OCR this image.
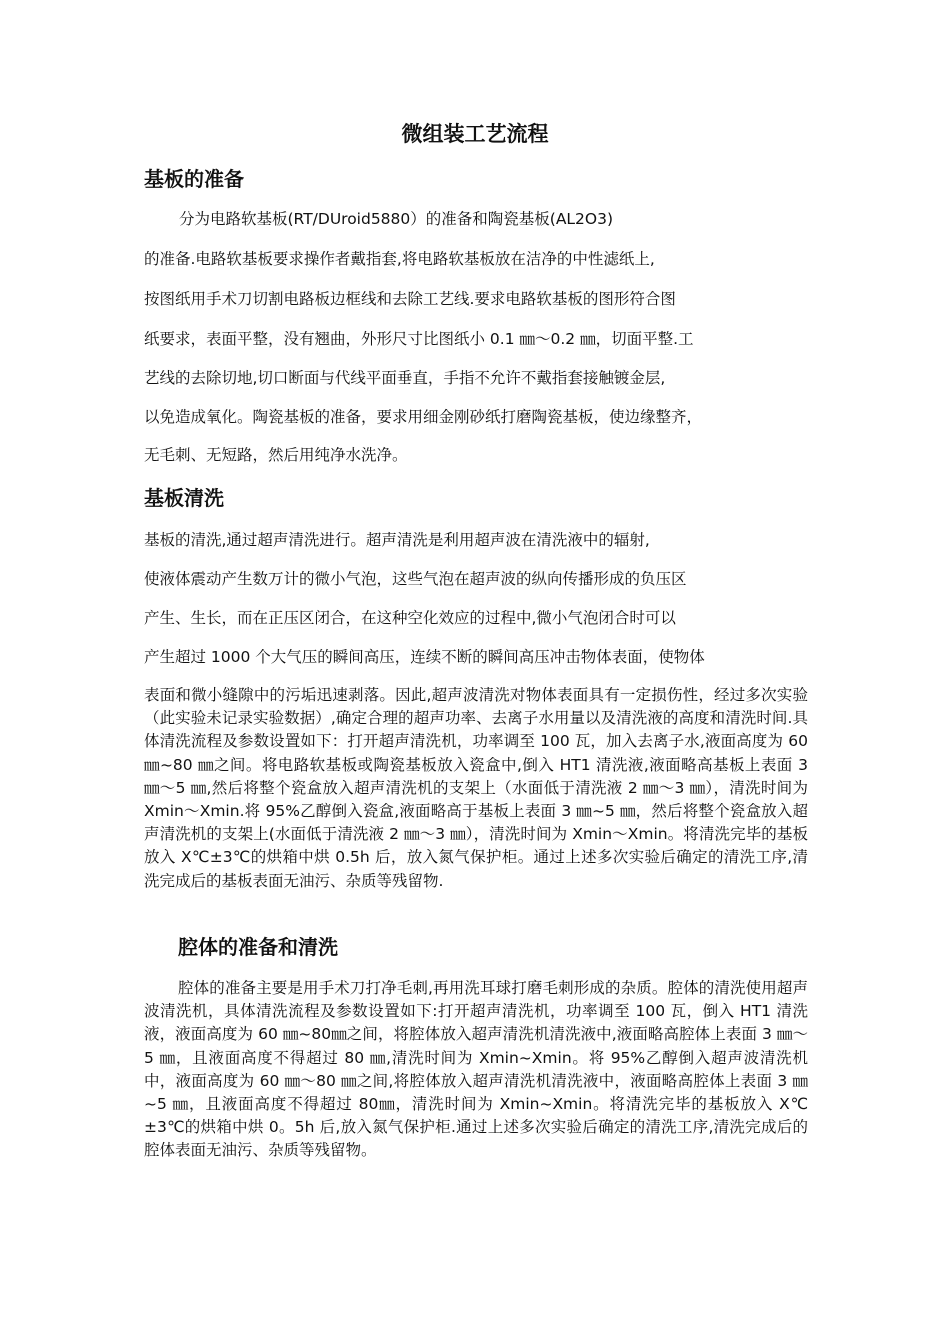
微组装工艺流程
基板的准备
分为电路软基板(RT/DUroid5880）的准备和陶瓷基板(AL2O3)
的准备.电路软基板要求操作者戴指套,将电路软基板放在洁净的中性滤纸上,
按图纸用手术刀切割电路板边框线和去除工艺线.要求电路软基板的图形符合图
纸要求，表面平整，没有翘曲，外形尺寸比图纸小 0.1 ㎜～0.2 ㎜，切面平整.工
艺线的去除切地,切口断面与代线平面垂直，手指不允许不戴指套接触镀金层,
以免造成氧化。陶瓷基板的准备，要求用细金刚砂纸打磨陶瓷基板，使边缘整齐，
无毛刺、无短路，然后用纯净水洗净。
基板清洗
基板的清洗,通过超声清洗进行。超声清洗是利用超声波在清洗液中的辐射,
使液体震动产生数万计的微小气泡，这些气泡在超声波的纵向传播形成的负压区
产生、生长，而在正压区闭合，在这种空化效应的过程中,微小气泡闭合时可以
产生超过 1000 个大气压的瞬间高压，连续不断的瞬间高压冲击物体表面，使物体
表面和微小缝隙中的污垢迅速剥落。因此,超声波清洗对物体表面具有一定损伤性，经过多次实验（此实验未记录实验数据）,确定合理的超声功率、去离子水用量以及清洗液的高度和清洗时间.具体清洗流程及参数设置如下：打开超声清洗机，功率调至 100 瓦，加入去离子水,液面高度为 60 ㎜~80 ㎜之间。将电路软基板或陶瓷基板放入瓷盒中,倒入 HT1 清洗液,液面略高基板上表面 3 ㎜～5 ㎜,然后将整个瓷盒放入超声清洗机的支架上（水面低于清洗液 2 ㎜～3 ㎜），清洗时间为 Xmin～Xmin.将 95%乙醇倒入瓷盒,液面略高于基板上表面 3 ㎜~5 ㎜，然后将整个瓷盒放入超声清洗机的支架上(水面低于清洗液 2 ㎜～3 ㎜），清洗时间为 Xmin～Xmin。将清洗完毕的基板放入 X℃±3℃的烘箱中烘 0.5h 后，放入氮气保护柜。通过上述多次实验后确定的清洗工序,清洗完成后的基板表面无油污、杂质等残留物.
腔体的准备和清洗
腔体的准备主要是用手术刀打净毛刺,再用洗耳球打磨毛刺形成的杂质。腔体的清洗使用超声波清洗机，具体清洗流程及参数设置如下:打开超声清洗机，功率调至 100 瓦，倒入 HT1 清洗液，液面高度为 60 ㎜~80㎜之间，将腔体放入超声清洗机清洗液中,液面略高腔体上表面 3 ㎜～5 ㎜，且液面高度不得超过 80 ㎜,清洗时间为 Xmin~Xmin。将 95%乙醇倒入超声波清洗机中，液面高度为 60 ㎜～80 ㎜之间,将腔体放入超声清洗机清洗液中，液面略高腔体上表面 3 ㎜~5 ㎜，且液面高度不得超过 80㎜，清洗时间为 Xmin~Xmin。将清洗完毕的基板放入 X℃±3℃的烘箱中烘 0。5h 后,放入氮气保护柜.通过上述多次实验后确定的清洗工序,清洗完成后的腔体表面无油污、杂质等残留物。
